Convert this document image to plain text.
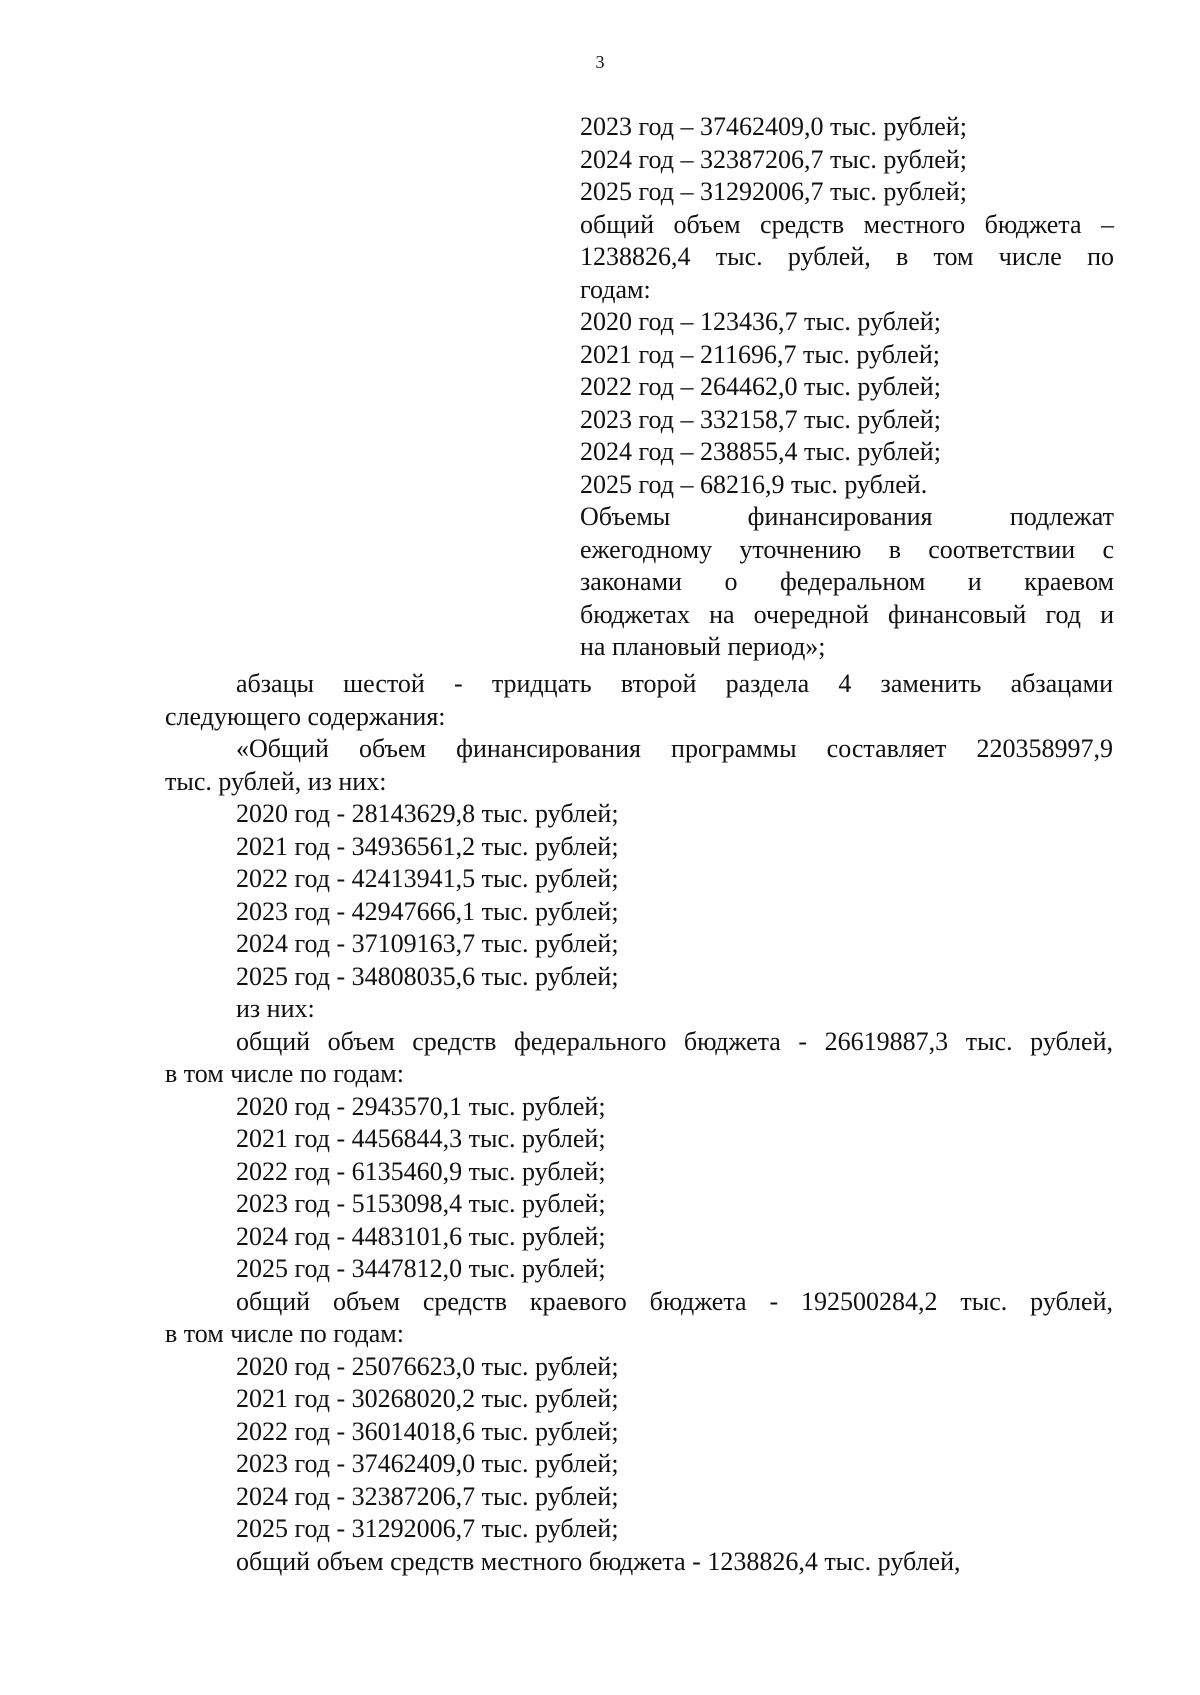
3
2023 год – 37462409,0 тыс. рублей;
2024 год – 32387206,7 тыс. рублей;
2025 год – 31292006,7 тыс. рублей;
общий объем средств местного бюджета –
1238826,4 тыс. рублей, в том числе по
годам:
2020 год – 123436,7 тыс. рублей;
2021 год – 211696,7 тыс. рублей;
2022 год – 264462,0 тыс. рублей;
2023 год – 332158,7 тыс. рублей;
2024 год – 238855,4 тыс. рублей;
2025 год – 68216,9 тыс. рублей.
Объемы финансирования подлежат
ежегодному уточнению в соответствии с
законами о федеральном и краевом
бюджетах на очередной финансовый год и
на плановый период»;
абзацы шестой - тридцать второй раздела 4 заменить абзацами
следующего содержания:
«Общий объем финансирования программы составляет 220358997,9
тыс. рублей, из них:
2020 год - 28143629,8 тыс. рублей;
2021 год - 34936561,2 тыс. рублей;
2022 год - 42413941,5 тыс. рублей;
2023 год - 42947666,1 тыс. рублей;
2024 год - 37109163,7 тыс. рублей;
2025 год - 34808035,6 тыс. рублей;
из них:
общий объем средств федерального бюджета - 26619887,3 тыс. рублей,
в том числе по годам:
2020 год - 2943570,1 тыс. рублей;
2021 год - 4456844,3 тыс. рублей;
2022 год - 6135460,9 тыс. рублей;
2023 год - 5153098,4 тыс. рублей;
2024 год - 4483101,6 тыс. рублей;
2025 год - 3447812,0 тыс. рублей;
общий объем средств краевого бюджета - 192500284,2 тыс. рублей,
в том числе по годам:
2020 год - 25076623,0 тыс. рублей;
2021 год - 30268020,2 тыс. рублей;
2022 год - 36014018,6 тыс. рублей;
2023 год - 37462409,0 тыс. рублей;
2024 год - 32387206,7 тыс. рублей;
2025 год - 31292006,7 тыс. рублей;
общий объем средств местного бюджета - 1238826,4 тыс. рублей,
